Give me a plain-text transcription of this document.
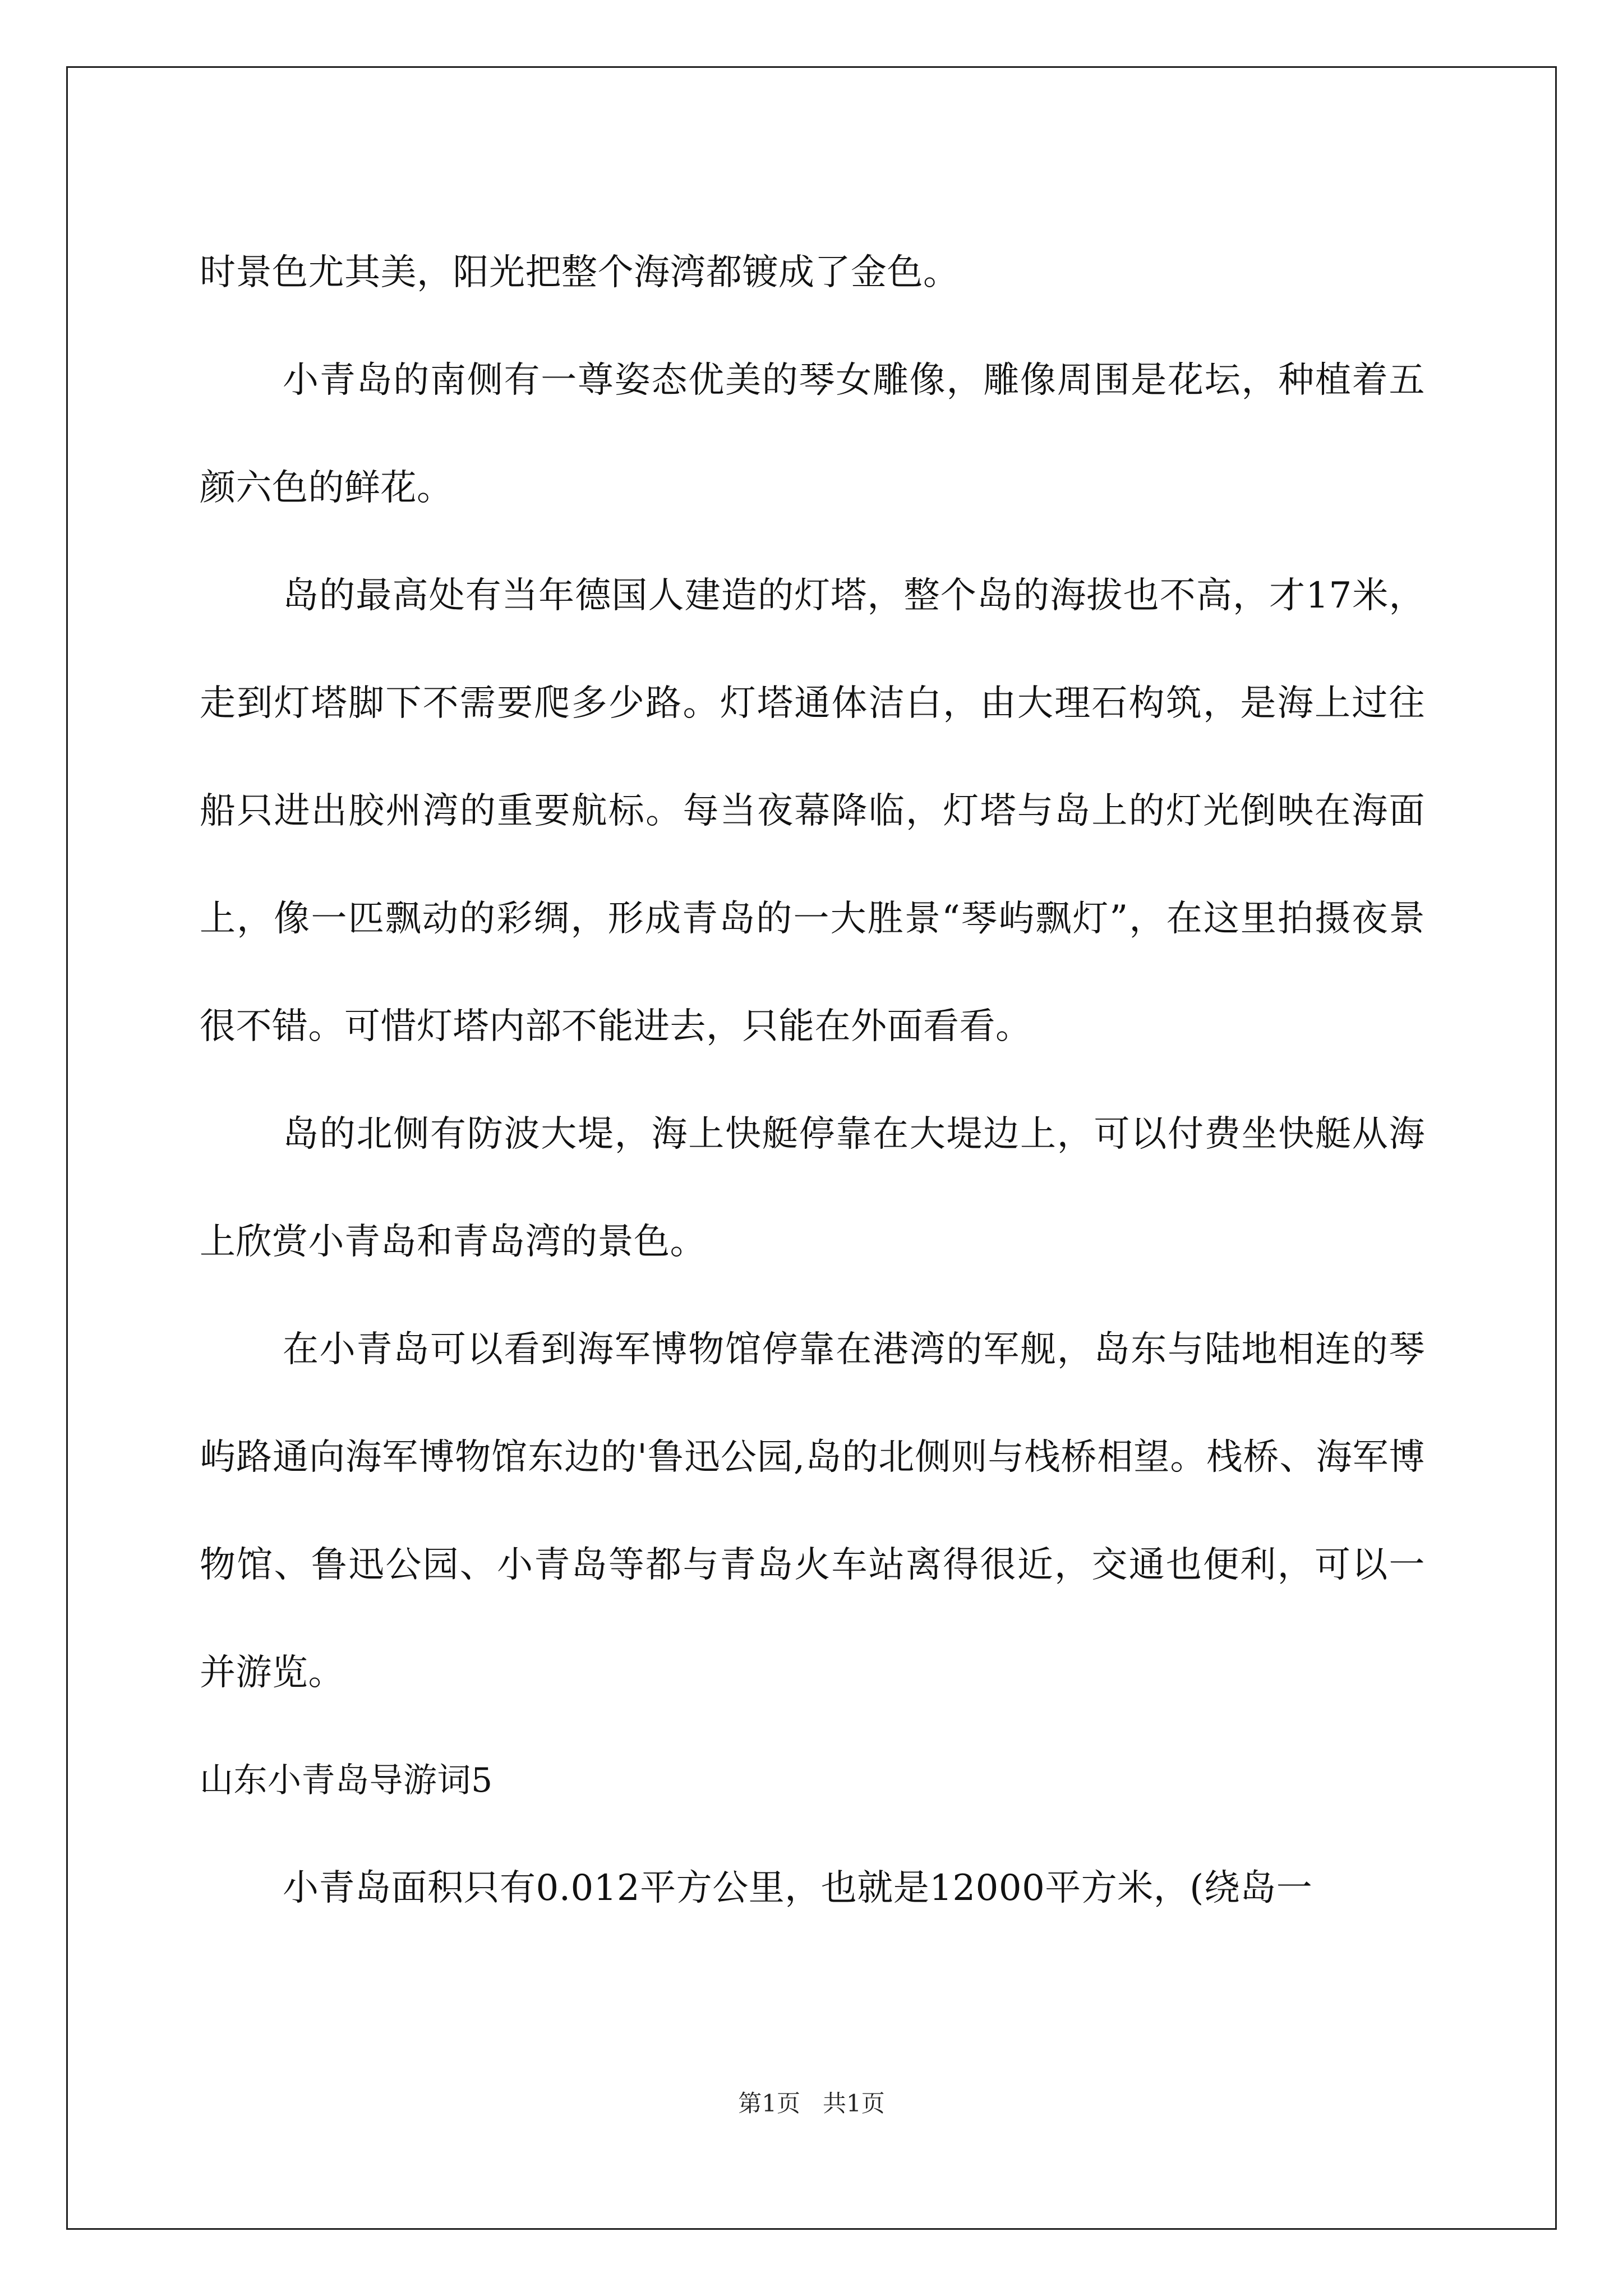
时景色尤其美，阳光把整个海湾都镀成了金色。

小青岛的南侧有一尊姿态优美的琴女雕像，雕像周围是花坛，种植着五颜六色的鲜花。

岛的最高处有当年德国人建造的灯塔，整个岛的海拔也不高，才17米，走到灯塔脚下不需要爬多少路。灯塔通体洁白，由大理石构筑，是海上过往船只进出胶州湾的重要航标。每当夜幕降临，灯塔与岛上的灯光倒映在海面上，像一匹飘动的彩绸，形成青岛的一大胜景“琴屿飘灯”，在这里拍摄夜景很不错。可惜灯塔内部不能进去，只能在外面看看。

岛的北侧有防波大堤，海上快艇停靠在大堤边上，可以付费坐快艇从海上欣赏小青岛和青岛湾的景色。

在小青岛可以看到海军博物馆停靠在港湾的军舰，岛东与陆地相连的琴屿路通向海军博物馆东边的'鲁迅公园,岛的北侧则与栈桥相望。栈桥、海军博物馆、鲁迅公园、小青岛等都与青岛火车站离得很近，交通也便利，可以一并游览。

山东小青岛导游词5

小青岛面积只有0.012平方公里，也就是12000平方米，(绕岛一

第1页 共1页
